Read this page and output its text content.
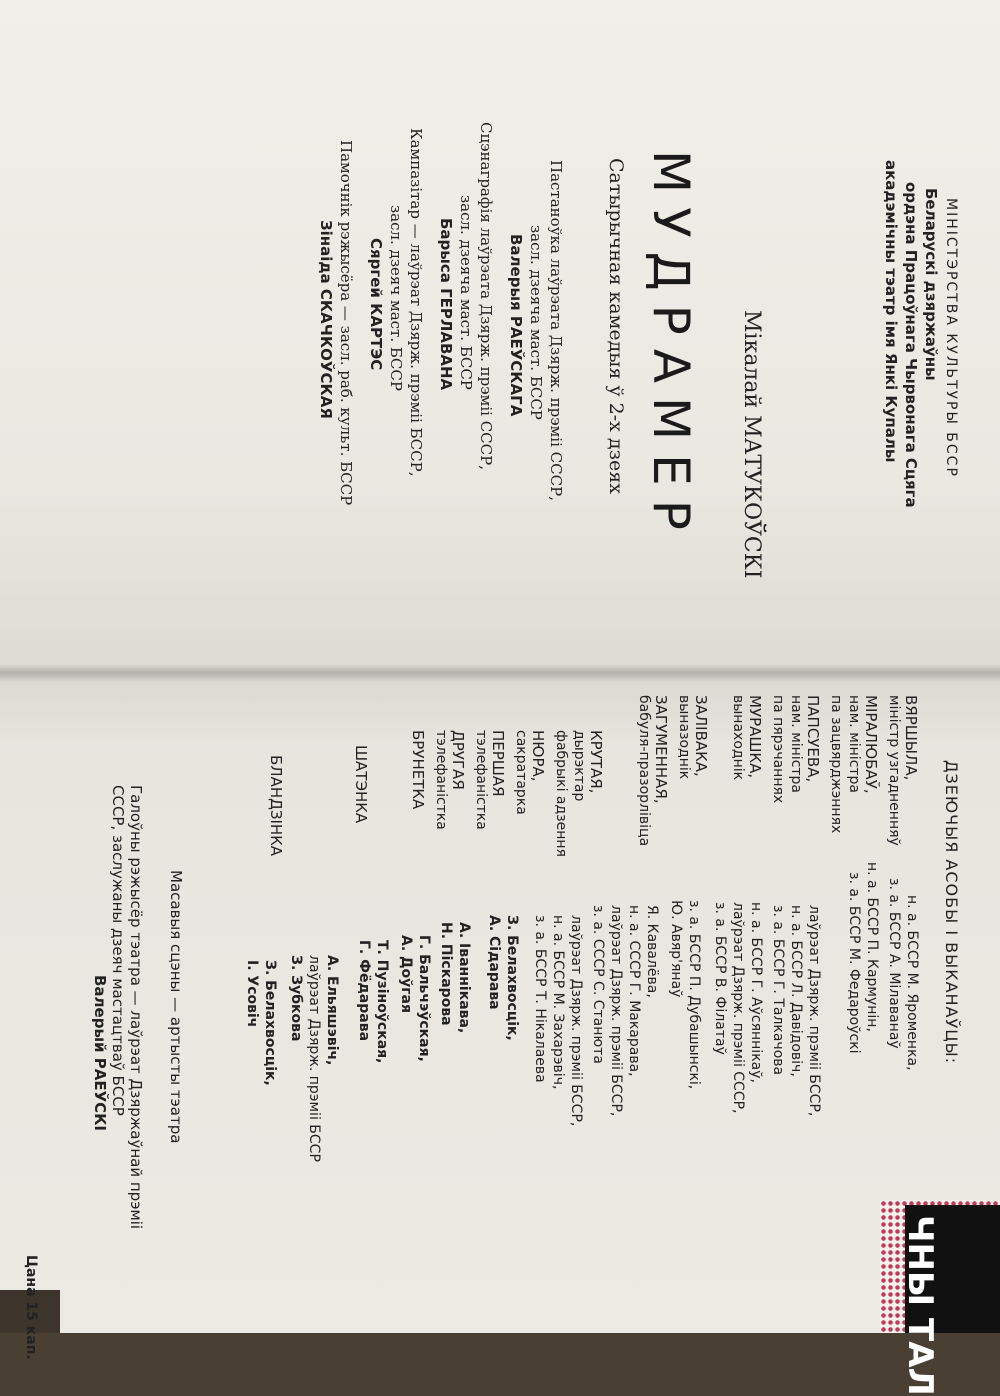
МІНІСТЭРСТВА КУЛЬТУРЫ БССР
Беларускі дзяржаўны
ордэна Працоўнага Чырвонага Сцяга
акадэмічны тэатр імя Янкі Купалы
Мікалай МАТУКОЎСКІ
МУДРАМЕР
Сатырычная камедыя ў 2-х дзеях
Пастаноўка лаўрэата Дзярж. прэміі СССР,
засл. дзеяча маст. БССР
Валерыя РАЕЎСКАГА
Сцэнаграфія лаўрэата Дзярж. прэміі СССР,
засл. дзеяча маст. БССР
Барыса ГЕРЛАВАНА
Кампазітар — лаўрэат Дзярж. прэміі БССР,
засл. дзеяч маст. БССР
Сяргей КАРТЭС
Памочнік рэжысёра — засл. раб. культ. БССР
Зінаіда СКАЧКОЎСКАЯ
ДЗЕЮЧЫЯ АСОБЫ І ВЫКАНАЎЦЫ:
ВЯРШЫЛА,
міністр узгадненняў
МІРАЛЮБАЎ,
нам. міністра
па зацвярджэннях
ПАПСУЕВА,
нам. міністра
па пярэчаннях
МУРАШКА,
вынаходнік
ЗАЛІВАКА,
выназоднік
ЗАГУМЕННАЯ,
бабуля-празорлівіца
КРУТАЯ,
дырэктар
фабрыкі адзення
НЮРА,
сакратарка
ПЕРШАЯ
тэлефаністка
ДРУГАЯ
тэлефаністка
БРУНЕТКА
ШАТЭНКА
БЛАНДЗІНКА
н. а. БССР М. Яроменка,
з. а. БССР А. Мілаванаў
н. а. БССР П. Кармунін,
з. а. БССР М. Федароўскі
лаўрэат Дзярж. прэміі БССР,
н. а. БССР Л. Давідовіч,
з. а. БССР Г. Талкачова
н. а. БССР Г. Аўсяннікаў,
лаўрэат Дзярж. прэміі СССР,
з. а. БССР В. Філатаў
з. а. БССР П. Дубашынскі,
Ю. Авяр'янаў
Я. Кавалёва,
н. а. СССР Г. Макарава,
лаўрэат Дзярж. прэміі БССР,
з. а. СССР С. Станюта
лаўрэат Дзярж. прэміі БССР,
н. а. БССР М. Захарэвіч,
з. а. БССР Т. Нікалаева
З. Белахвосцік,
А. Сідарава
А. Іваннікава,
Н. Піскарова
Г. Бальчэўская,
А. Доўгая
Т. Пузіноўская,
Г. Фёдарава
А. Ельяшэвіч,
лаўрэат Дзярж. прэміі БССР
З. Зубкова
З. Белахвосцік,
І. Усовіч
Масавыя сцэны — артысты тэатра
Галоўны рэжысёр тэатра — лаўрэат Дзяржаўнай прэміі
СССР, заслужаны дзеяч мастацтваў БССР
Валерый РАЕЎСКІ
Цана 15 кап.	ЧНЫ ТАЛ
